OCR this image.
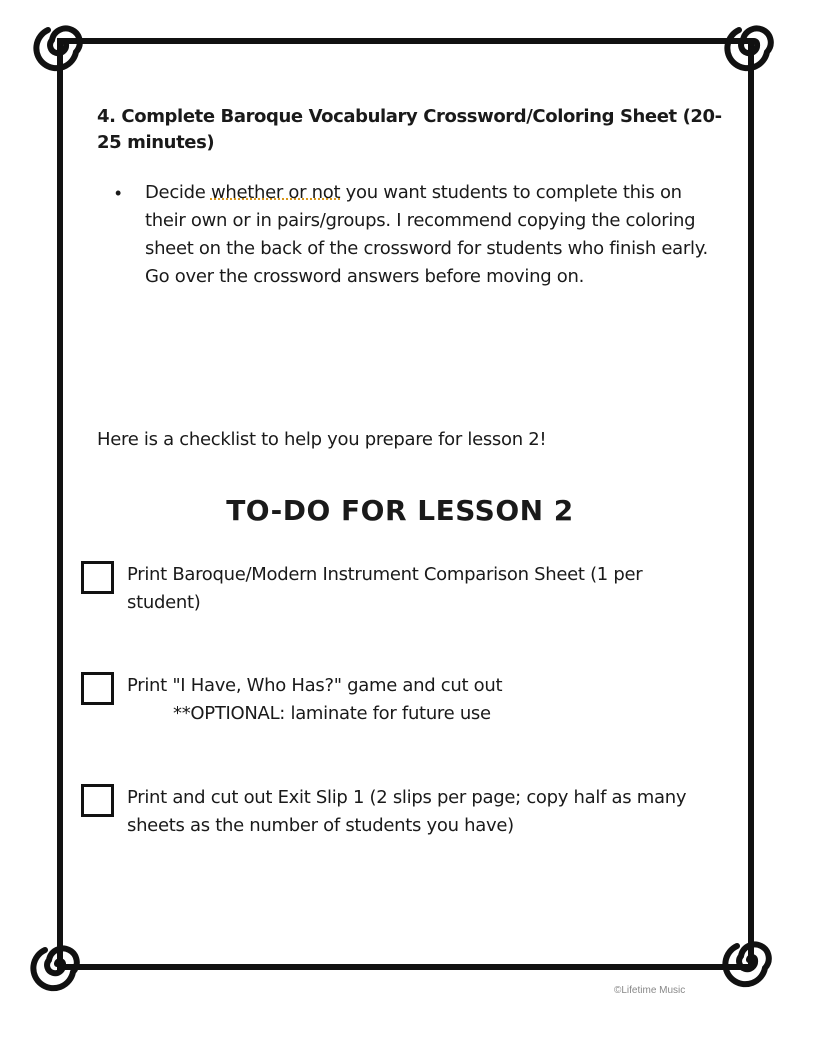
4. Complete Baroque Vocabulary Crossword/Coloring Sheet (20-25 minutes)
• Decide whether or not you want students to complete this on their own or in pairs/groups. I recommend copying the coloring sheet on the back of the crossword for students who finish early. Go over the crossword answers before moving on.
Here is a checklist to help you prepare for lesson 2!
TO-DO FOR LESSON 2
Print Baroque/Modern Instrument Comparison Sheet (1 per student)
Print "I Have, Who Has?" game and cut out
**OPTIONAL: laminate for future use
Print and cut out Exit Slip 1 (2 slips per page; copy half as many sheets as the number of students you have)
©Lifetime Music
